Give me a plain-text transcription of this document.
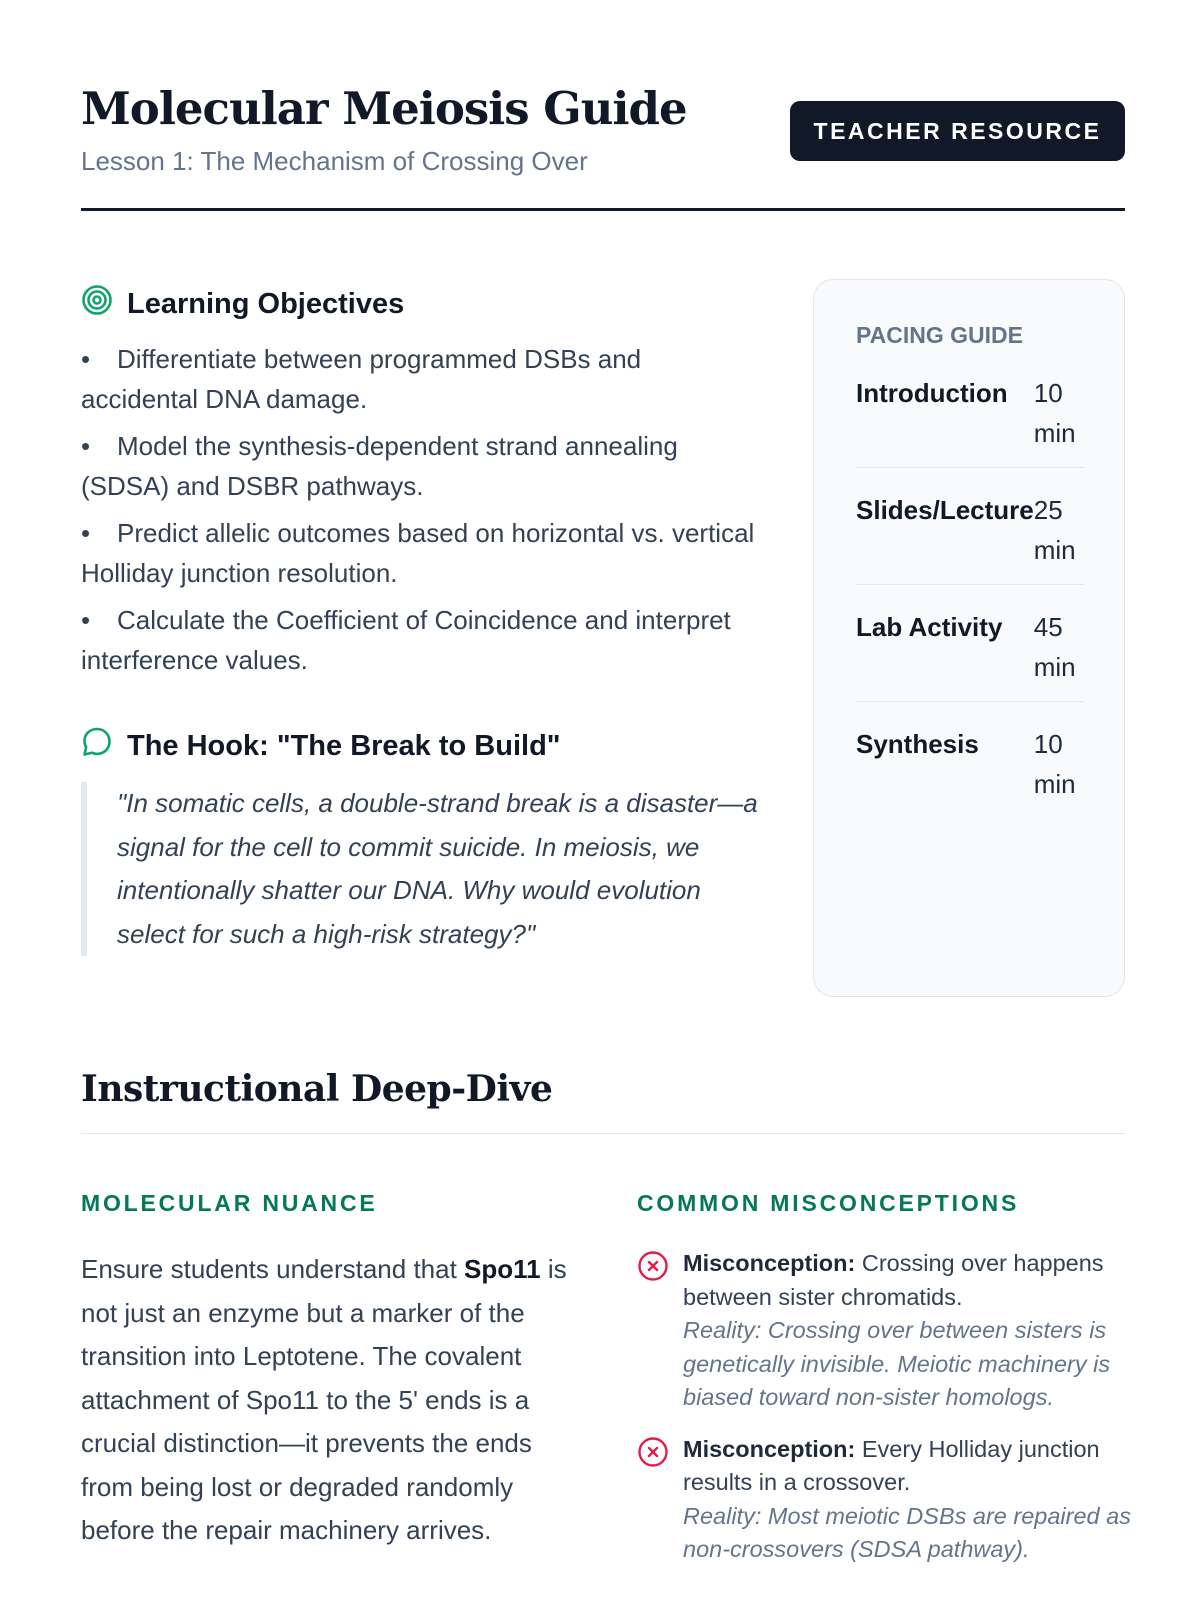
Molecular Meiosis Guide
Lesson 1: The Mechanism of Crossing Over
TEACHER RESOURCE
Learning Objectives
• Differentiate between programmed DSBs and accidental DNA damage.
• Model the synthesis-dependent strand annealing (SDSA) and DSBR pathways.
• Predict allelic outcomes based on horizontal vs. vertical Holliday junction resolution.
• Calculate the Coefficient of Coincidence and interpret interference values.
The Hook: "The Break to Build"
"In somatic cells, a double-strand break is a disaster—a signal for the cell to commit suicide. In meiosis, we intentionally shatter our DNA. Why would evolution select for such a high-risk strategy?"
PACING GUIDE
Introduction	10 min
Slides/Lecture	25 min
Lab Activity	45 min
Synthesis	10 min
Instructional Deep-Dive
MOLECULAR NUANCE

Ensure students understand that Spo11 is not just an enzyme but a marker of the transition into Leptotene. The covalent attachment of Spo11 to the 5' ends is a crucial distinction—it prevents the ends from being lost or degraded randomly before the repair machinery arrives.

COMMON MISCONCEPTIONS
Misconception: Crossing over happens between sister chromatids.
Reality: Crossing over between sisters is genetically invisible. Meiotic machinery is biased toward non-sister homologs.
Misconception: Every Holliday junction results in a crossover.
Reality: Most meiotic DSBs are repaired as non-crossovers (SDSA pathway).
